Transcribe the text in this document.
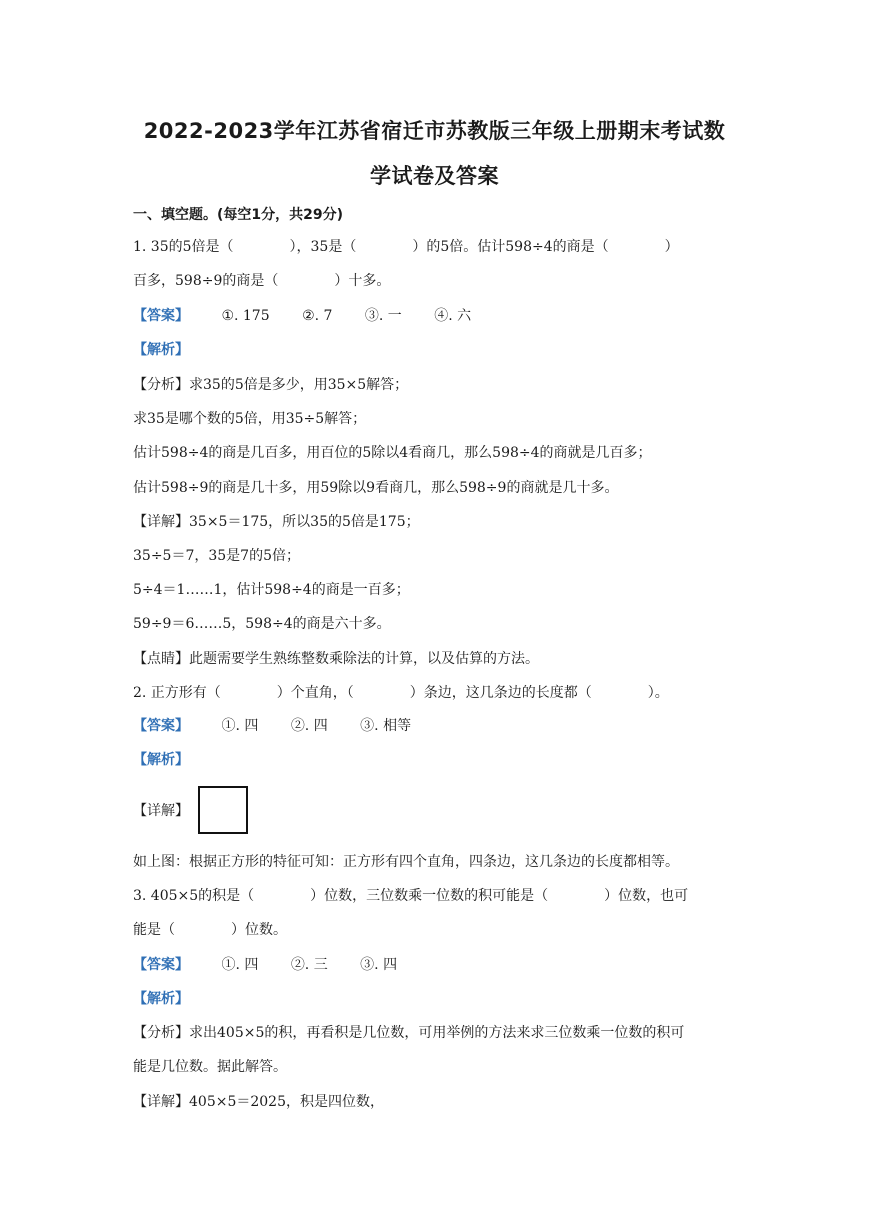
2022-2023学年江苏省宿迁市苏教版三年级上册期末考试数
学试卷及答案
一、填空题。(每空1分，共29分)
1. 35的5倍是（　　　　），35是（　　　　）的5倍。估计598÷4的商是（　　　　）
百多，598÷9的商是（　　　　）十多。
【答案】 ①. 175 ②. 7 ③. 一 ④. 六
【解析】
【分析】求35的5倍是多少，用35×5解答；
求35是哪个数的5倍，用35÷5解答；
估计598÷4的商是几百多，用百位的5除以4看商几，那么598÷4的商就是几百多；
估计598÷9的商是几十多，用59除以9看商几，那么598÷9的商就是几十多。
【详解】35×5＝175，所以35的5倍是175；
35÷5＝7，35是7的5倍；
5÷4＝1……1，估计598÷4的商是一百多；
59÷9＝6……5，598÷4的商是六十多。
【点睛】此题需要学生熟练整数乘除法的计算，以及估算的方法。
2. 正方形有（　　　　）个直角，（　　　　）条边，这几条边的长度都（　　　　）。
【答案】 ①. 四 ②. 四 ③. 相等
【解析】
【详解】
如上图：根据正方形的特征可知：正方形有四个直角，四条边，这几条边的长度都相等。
3. 405×5的积是（　　　　）位数，三位数乘一位数的积可能是（　　　　）位数，也可
能是（　　　　）位数。
【答案】 ①. 四 ②. 三 ③. 四
【解析】
【分析】求出405×5的积，再看积是几位数，可用举例的方法来求三位数乘一位数的积可
能是几位数。据此解答。
【详解】405×5＝2025，积是四位数，
